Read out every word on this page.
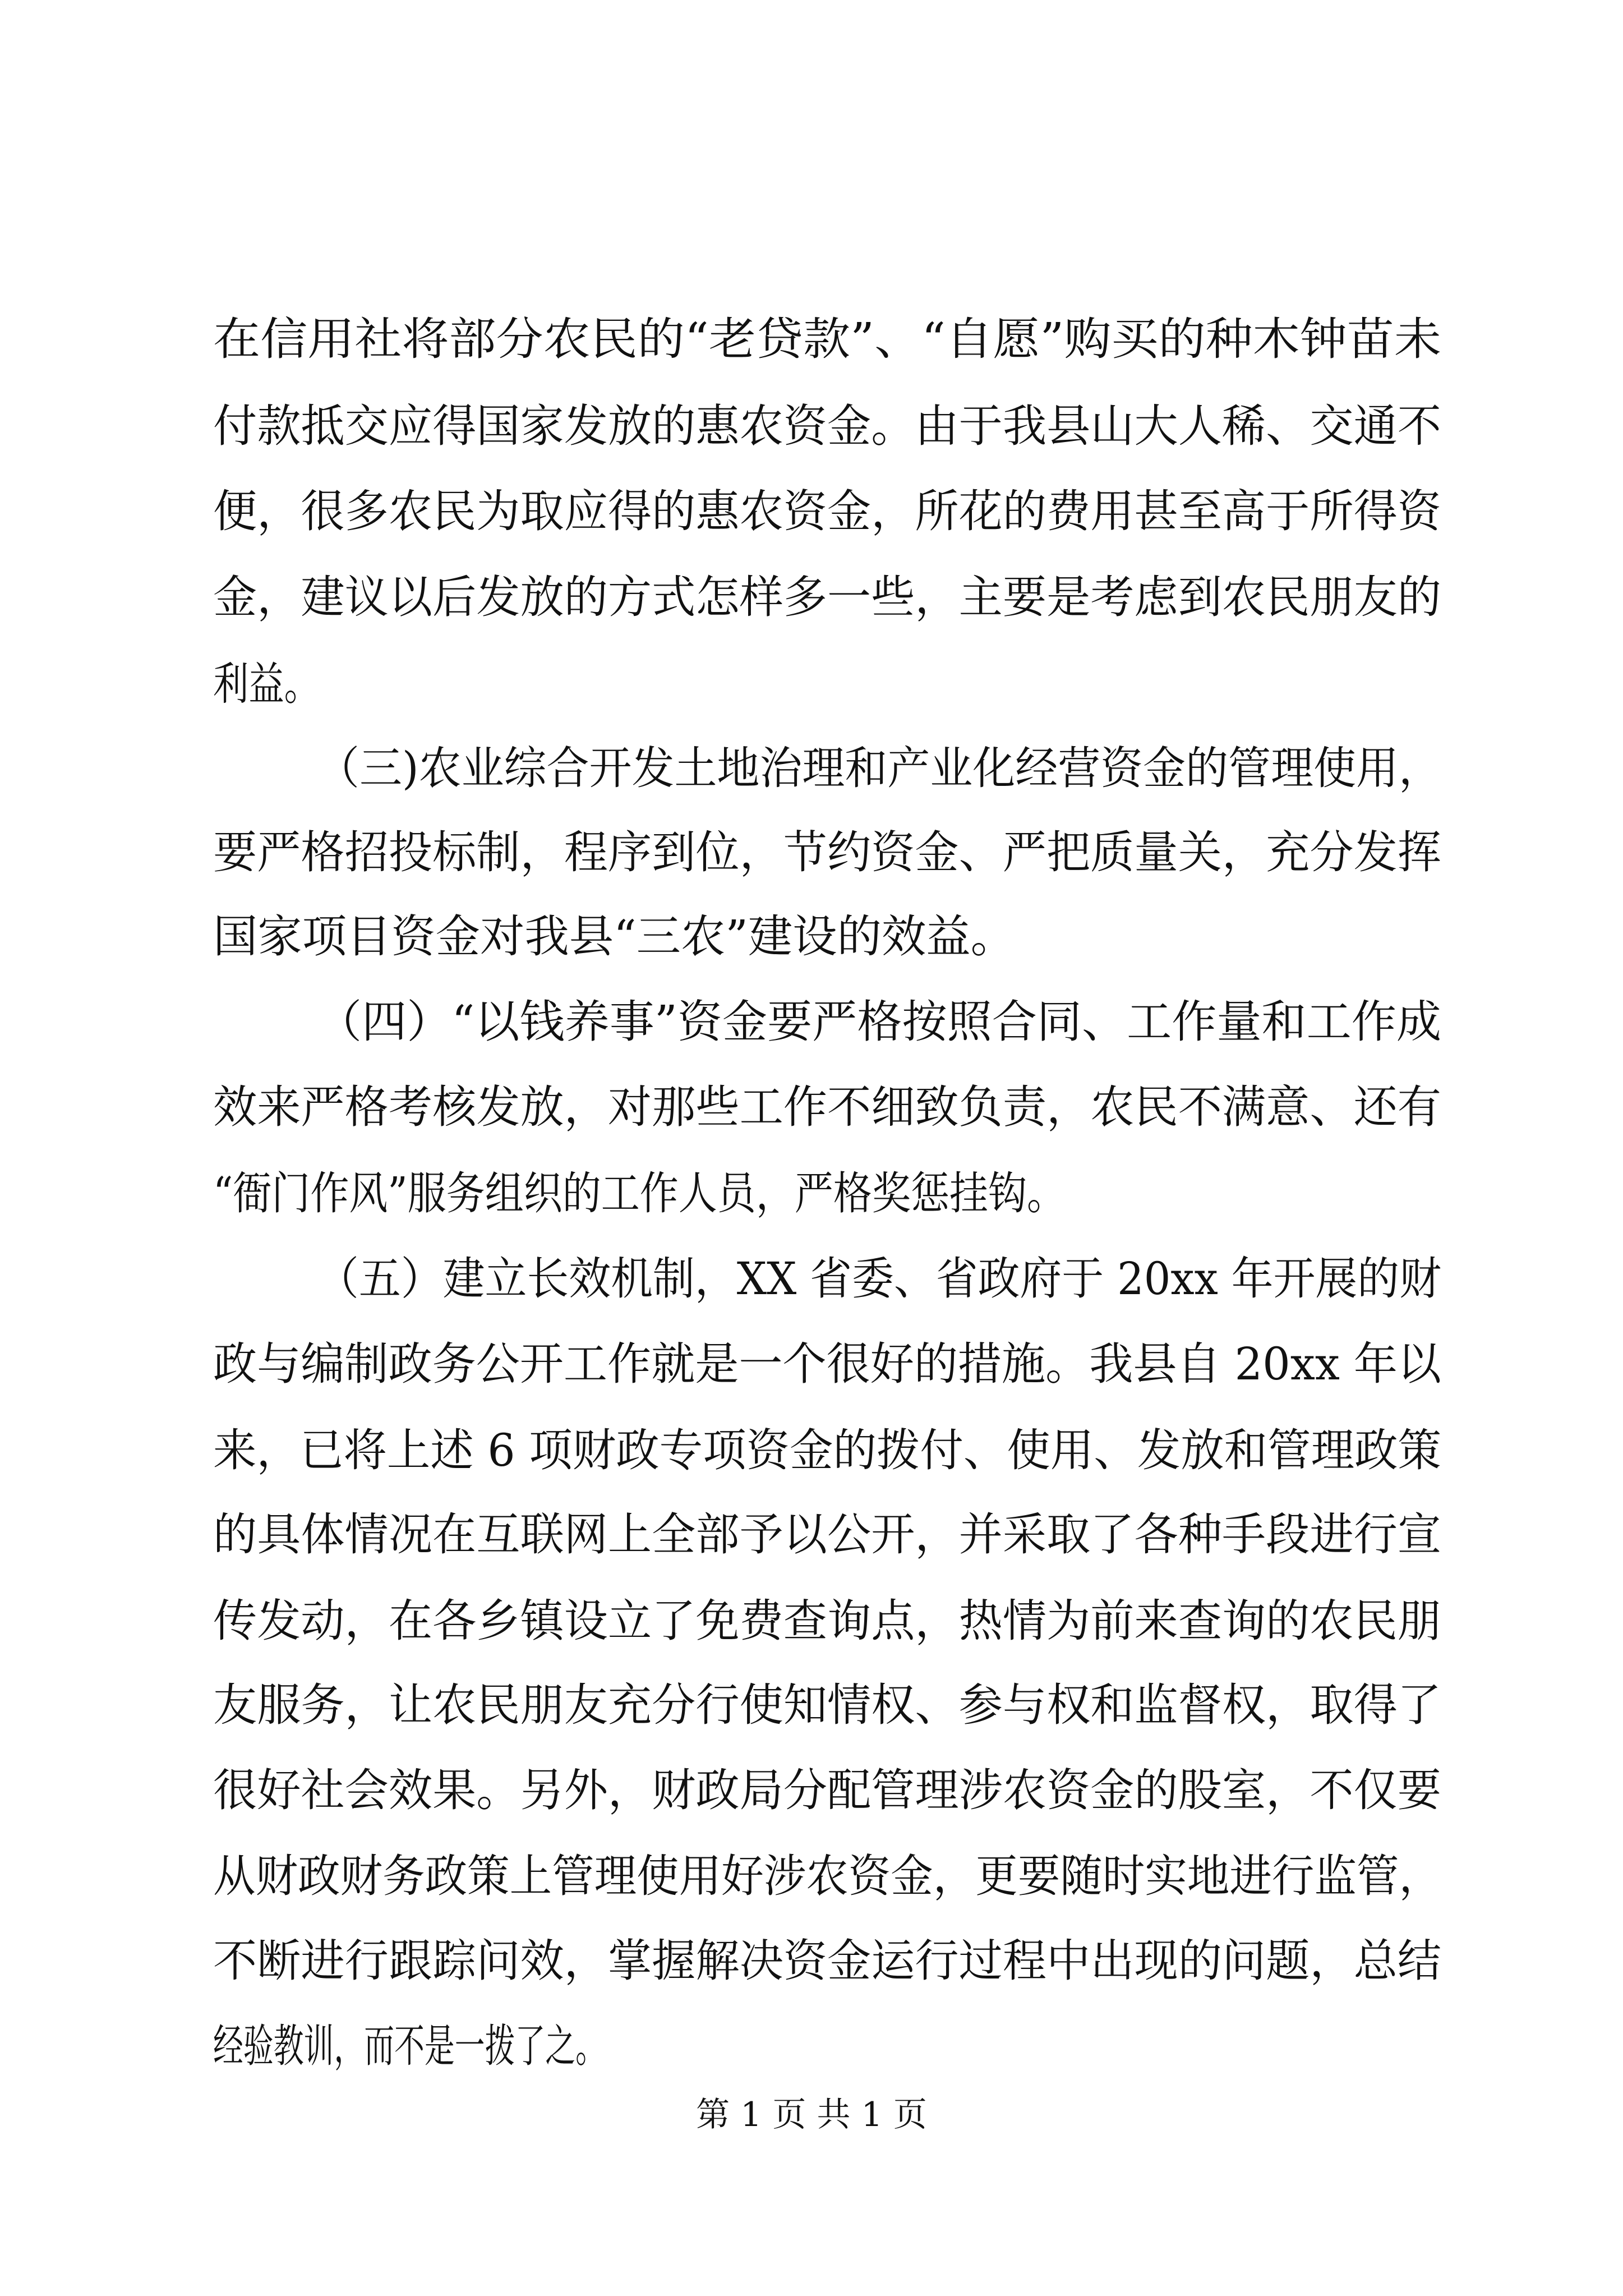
在信用社将部分农民的“老贷款”、“自愿”购买的种木钟苗未
付款抵交应得国家发放的惠农资金。由于我县山大人稀、交通不
便，很多农民为取应得的惠农资金，所花的费用甚至高于所得资
金，建议以后发放的方式怎样多一些，主要是考虑到农民朋友的
利益。
（三)农业综合开发土地治理和产业化经营资金的管理使用，
要严格招投标制，程序到位，节约资金、严把质量关，充分发挥
国家项目资金对我县“三农”建设的效益。
（四）“以钱养事”资金要严格按照合同、工作量和工作成
效来严格考核发放，对那些工作不细致负责，农民不满意、还有
“衙门作风”服务组织的工作人员，严格奖惩挂钩。
（五）建立长效机制，XX 省委、省政府于 20xx 年开展的财
政与编制政务公开工作就是一个很好的措施。我县自 20xx 年以
来，已将上述 6 项财政专项资金的拨付、使用、发放和管理政策
的具体情况在互联网上全部予以公开，并采取了各种手段进行宣
传发动，在各乡镇设立了免费查询点，热情为前来查询的农民朋
友服务，让农民朋友充分行使知情权、参与权和监督权，取得了
很好社会效果。另外，财政局分配管理涉农资金的股室，不仅要
从财政财务政策上管理使用好涉农资金，更要随时实地进行监管，
不断进行跟踪问效，掌握解决资金运行过程中出现的问题，总结
经验教训，而不是一拨了之。
第 1 页 共 1 页
